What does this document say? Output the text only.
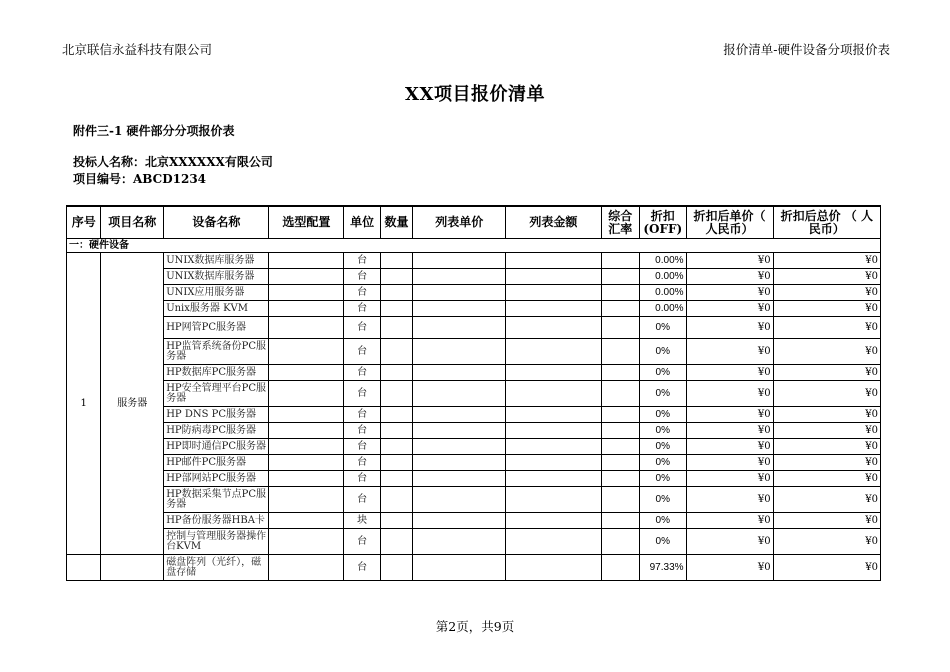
北京联信永益科技有限公司	报价清单-硬件设备分项报价表
XX项目报价清单
附件三-1 硬件部分分项报价表
投标人名称：北京XXXXXX有限公司
项目编号：ABCD1234
序号	项目名称	设备名称	选型配置	单位	数量	列表单价	列表金额	综合汇率	折扣(OFF)	折扣后单价（ 人民币）	折扣后总价 （ 人民币）
一：硬件设备											
1	服务器	UNIX数据库服务器		台					0.00%	¥0	¥0
		UNIX数据库服务器		台					0.00%	¥0	¥0
		UNIX应用服务器		台					0.00%	¥0	¥0
		Unix服务器 KVM		台					0.00%	¥0	¥0
		HP网管PC服务器		台					0%	¥0	¥0
		HP监管系统备份PC服务器		台					0%	¥0	¥0
		HP数据库PC服务器		台					0%	¥0	¥0
		HP安全管理平台PC服务器		台					0%	¥0	¥0
		HP DNS PC服务器		台					0%	¥0	¥0
		HP防病毒PC服务器		台					0%	¥0	¥0
		HP即时通信PC服务器		台					0%	¥0	¥0
		HP邮件PC服务器		台					0%	¥0	¥0
		HP部网站PC服务器		台					0%	¥0	¥0
		HP数据采集节点PC服务器		台					0%	¥0	¥0
		HP备份服务器HBA卡		块					0%	¥0	¥0
		控制与管理服务器操作台KVM		台					0%	¥0	¥0
		磁盘阵列（光纤），磁盘存储		台					97.33%	¥0	¥0
第2页，共9页
